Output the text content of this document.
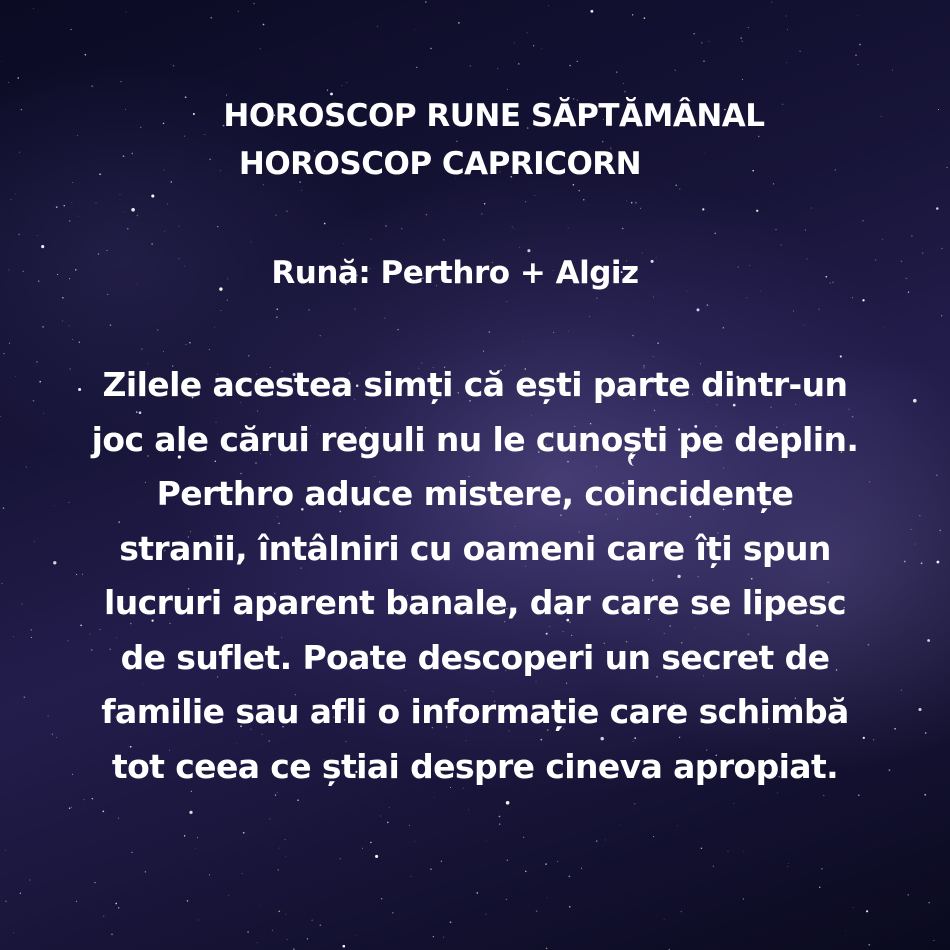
HOROSCOP RUNE SĂPTĂMÂNAL
HOROSCOP CAPRICORN
Rună: Perthro + Algiz
Zilele acestea simți că ești parte dintr-un
joc ale cărui reguli nu le cunoști pe deplin.
Perthro aduce mistere, coincidențe
stranii, întâlniri cu oameni care îți spun
lucruri aparent banale, dar care se lipesc
de suflet. Poate descoperi un secret de
familie sau afli o informație care schimbă
tot ceea ce știai despre cineva apropiat.
